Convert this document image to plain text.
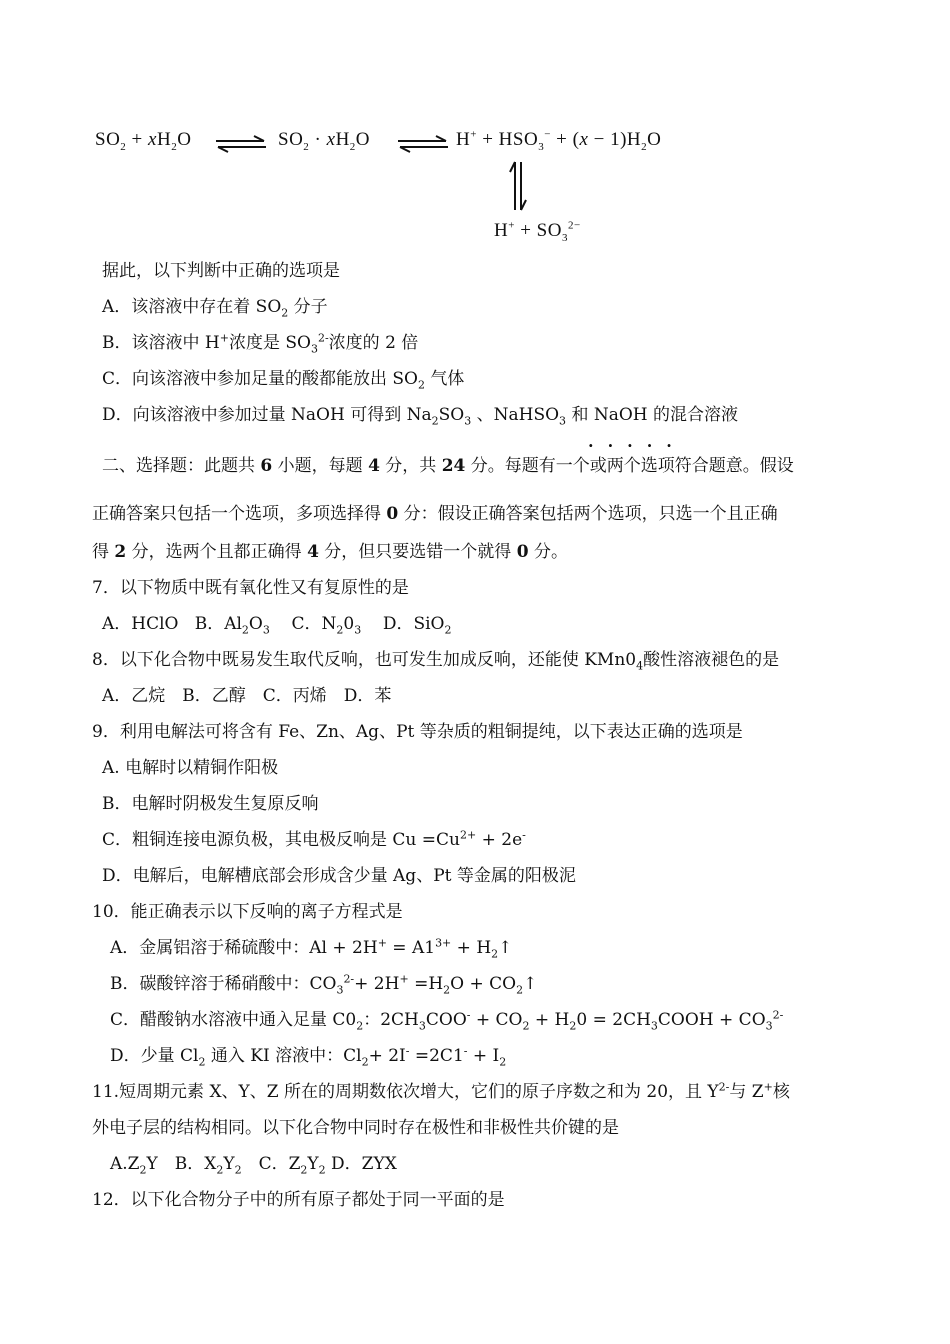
$SO_2 + xH_2O$ ⇌ $SO_2 \cdot xH_2O$ ⇌ $H^+ + HSO_3^- + (x - 1)H_2O$
$H^+ + SO_3^{2-}$
据此，以下判断中正确的选项是
A．该溶液中存在着 $SO_2$ 分子
B．该溶液中 H+浓度是 $SO_3^{2-}$浓度的 2 倍
C．向该溶液中参加足量的酸都能放出 $SO_2$ 气体
D．向该溶液中参加过量 NaOH 可得到 $Na_2SO_3$ 、NaHSO$_3$ 和 NaOH 的混合溶液
·····
二、选择题：此题共 6 小题，每题 4 分，共 24 分。每题有一个或两个选项符合题意。假设
正确答案只包括一个选项，多项选择得 0 分：假设正确答案包括两个选项，只选一个且正确
得 2 分，选两个且都正确得 4 分，但只要选错一个就得 0 分。
7．以下物质中既有氧化性又有复原性的是
A．HClO B．$Al_2O_3$ C．$N_20_3$ D．SiO$_2$
8．以下化合物中既易发生取代反响，也可发生加成反响，还能使 $KMn0_4$酸性溶液褪色的是
A．乙烷　B．乙醇　C．丙烯　D．苯
9．利用电解法可将含有 Fe、Zn、Ag、Pt 等杂质的粗铜提纯，以下表达正确的选项是
A. 电解时以精铜作阳极
B．电解时阴极发生复原反响
C．粗铜连接电源负极，其电极反响是 $Cu =Cu^{2+} + 2e^-$
D．电解后，电解槽底部会形成含少量 Ag、Pt 等金属的阳极泥
10．能正确表示以下反响的离子方程式是
A．金属铝溶于稀硫酸中：$Al + 2H^+ = A1^{3+}$ + $H_2↑$
B．碳酸锌溶于稀硝酸中：$CO_3^{2-}+ 2H^+ =H_2O$ + $CO_2↑$
C．醋酸钠水溶液中通入足量 $C0_2$：$2CH_3COO^- + CO_2 + H_20$ = $2CH_3COOH + CO_3^{2-}$
D．少量 $Cl_2$ 通入 KI 溶液中：$Cl_2+ 2I^- =2C1^- + I_2$
11.短周期元素 X、Y、Z 所在的周期数依次增大，它们的原子序数之和为 20，且 $Y^{2-}$与 Z+核
外电子层的结构相同。以下化合物中同时存在极性和非极性共价键的是
$A.Z_2Y$　B．$X_2Y_2$　C．$Z_2Y_2$ D．ZYX
12．以下化合物分子中的所有原子都处于同一平面的是
